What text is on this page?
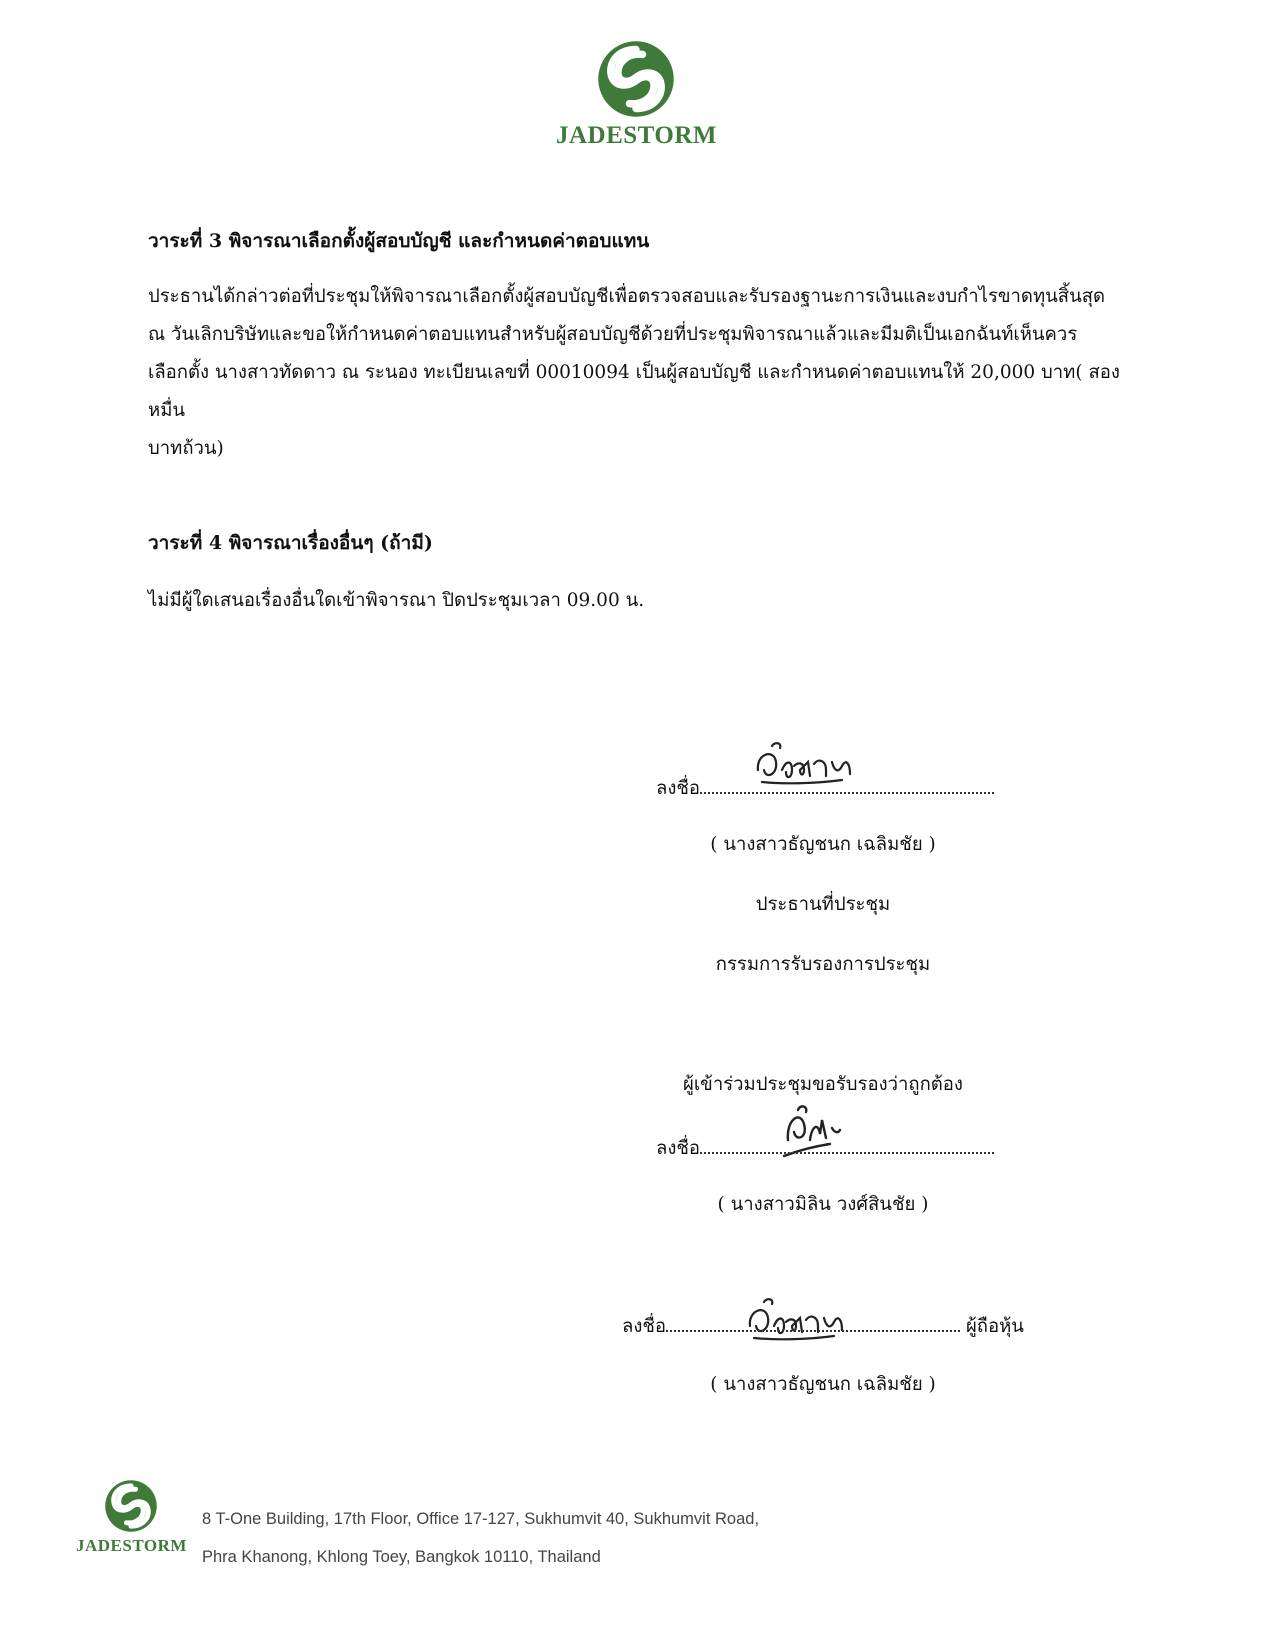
JADESTORM
วาระที่ 3 พิจารณาเลือกตั้งผู้สอบบัญชี และกำหนดค่าตอบแทน
ประธานได้กล่าวต่อที่ประชุมให้พิจารณาเลือกตั้งผู้สอบบัญชีเพื่อตรวจสอบและรับรองฐานะการเงินและงบกำไรขาดทุนสิ้นสุด
ณ วันเลิกบริษัทและขอให้กำหนดค่าตอบแทนสำหรับผู้สอบบัญชีด้วยที่ประชุมพิจารณาแล้วและมีมติเป็นเอกฉันท์เห็นควร
เลือกตั้ง นางสาวทัดดาว ณ ระนอง ทะเบียนเลขที่ 00010094 เป็นผู้สอบบัญชี และกำหนดค่าตอบแทนให้ 20,000 บาท( สองหมื่น
บาทถ้วน)
วาระที่ 4 พิจารณาเรื่องอื่นๆ (ถ้ามี)
ไม่มีผู้ใดเสนอเรื่องอื่นใดเข้าพิจารณา ปิดประชุมเวลา 09.00 น.
ลงชื่อ
( นางสาวธัญชนก เฉลิมชัย )
ประธานที่ประชุม
กรรมการรับรองการประชุม
ผู้เข้าร่วมประชุมขอรับรองว่าถูกต้อง
ลงชื่อ
( นางสาวมิลิน วงศ์สินชัย )
ลงชื่อ	ผู้ถือหุ้น
( นางสาวธัญชนก เฉลิมชัย )
JADESTORM
8 T-One Building, 17th Floor, Office 17-127, Sukhumvit 40, Sukhumvit Road,
Phra Khanong, Khlong Toey, Bangkok 10110, Thailand
